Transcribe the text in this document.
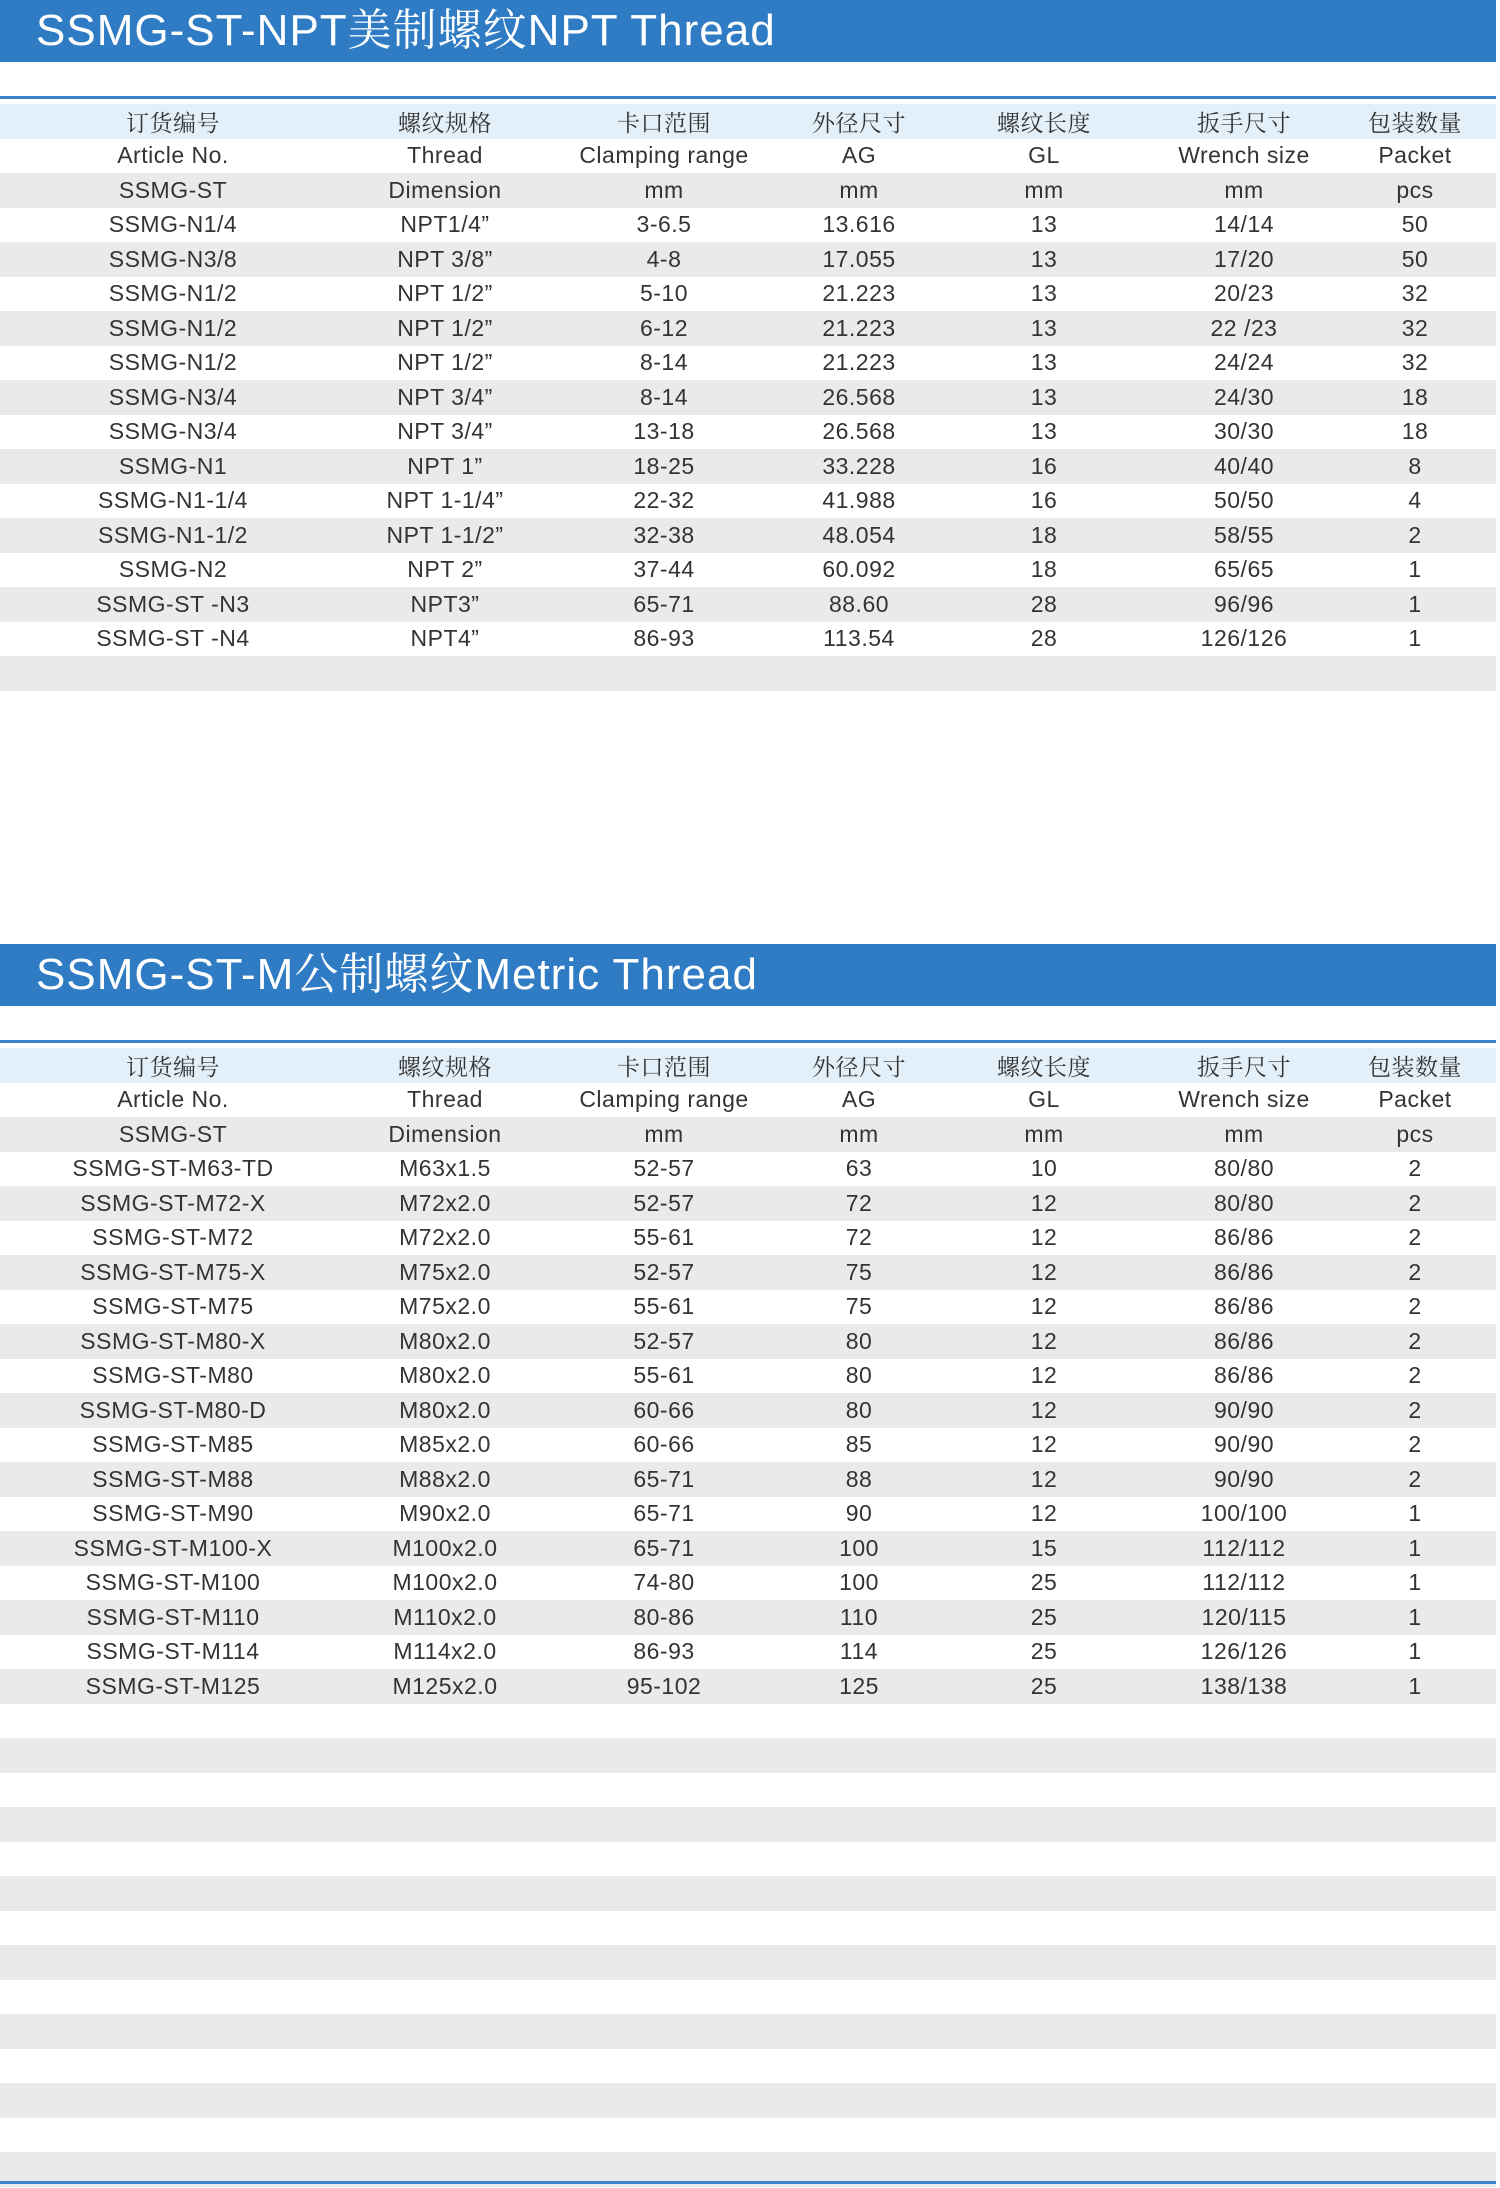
SSMG-ST-NPT美制螺纹NPT Thread
订货编号	螺纹规格	卡口范围	外径尺寸	螺纹长度	扳手尺寸	包装数量
Article No.	Thread	Clamping range	AG	GL	Wrench size	Packet
SSMG-ST	Dimension	mm	mm	mm	mm	pcs
SSMG-N1/4	NPT1/4”	3-6.5	13.616	13	14/14	50
SSMG-N3/8	NPT 3/8”	4-8	17.055	13	17/20	50
SSMG-N1/2	NPT 1/2”	5-10	21.223	13	20/23	32
SSMG-N1/2	NPT 1/2”	6-12	21.223	13	22 /23	32
SSMG-N1/2	NPT 1/2”	8-14	21.223	13	24/24	32
SSMG-N3/4	NPT 3/4”	8-14	26.568	13	24/30	18
SSMG-N3/4	NPT 3/4”	13-18	26.568	13	30/30	18
SSMG-N1	NPT 1”	18-25	33.228	16	40/40	8
SSMG-N1-1/4	NPT 1-1/4”	22-32	41.988	16	50/50	4
SSMG-N1-1/2	NPT 1-1/2”	32-38	48.054	18	58/55	2
SSMG-N2	NPT 2”	37-44	60.092	18	65/65	1
SSMG-ST -N3	NPT3”	65-71	88.60	28	96/96	1
SSMG-ST -N4	NPT4”	86-93	113.54	28	126/126	1

SSMG-ST-M公制螺纹Metric Thread
订货编号	螺纹规格	卡口范围	外径尺寸	螺纹长度	扳手尺寸	包装数量
Article No.	Thread	Clamping range	AG	GL	Wrench size	Packet
SSMG-ST	Dimension	mm	mm	mm	mm	pcs
SSMG-ST-M63-TD	M63x1.5	52-57	63	10	80/80	2
SSMG-ST-M72-X	M72x2.0	52-57	72	12	80/80	2
SSMG-ST-M72	M72x2.0	55-61	72	12	86/86	2
SSMG-ST-M75-X	M75x2.0	52-57	75	12	86/86	2
SSMG-ST-M75	M75x2.0	55-61	75	12	86/86	2
SSMG-ST-M80-X	M80x2.0	52-57	80	12	86/86	2
SSMG-ST-M80	M80x2.0	55-61	80	12	86/86	2
SSMG-ST-M80-D	M80x2.0	60-66	80	12	90/90	2
SSMG-ST-M85	M85x2.0	60-66	85	12	90/90	2
SSMG-ST-M88	M88x2.0	65-71	88	12	90/90	2
SSMG-ST-M90	M90x2.0	65-71	90	12	100/100	1
SSMG-ST-M100-X	M100x2.0	65-71	100	15	112/112	1
SSMG-ST-M100	M100x2.0	74-80	100	25	112/112	1
SSMG-ST-M110	M110x2.0	80-86	110	25	120/115	1
SSMG-ST-M114	M114x2.0	86-93	114	25	126/126	1
SSMG-ST-M125	M125x2.0	95-102	125	25	138/138	1
